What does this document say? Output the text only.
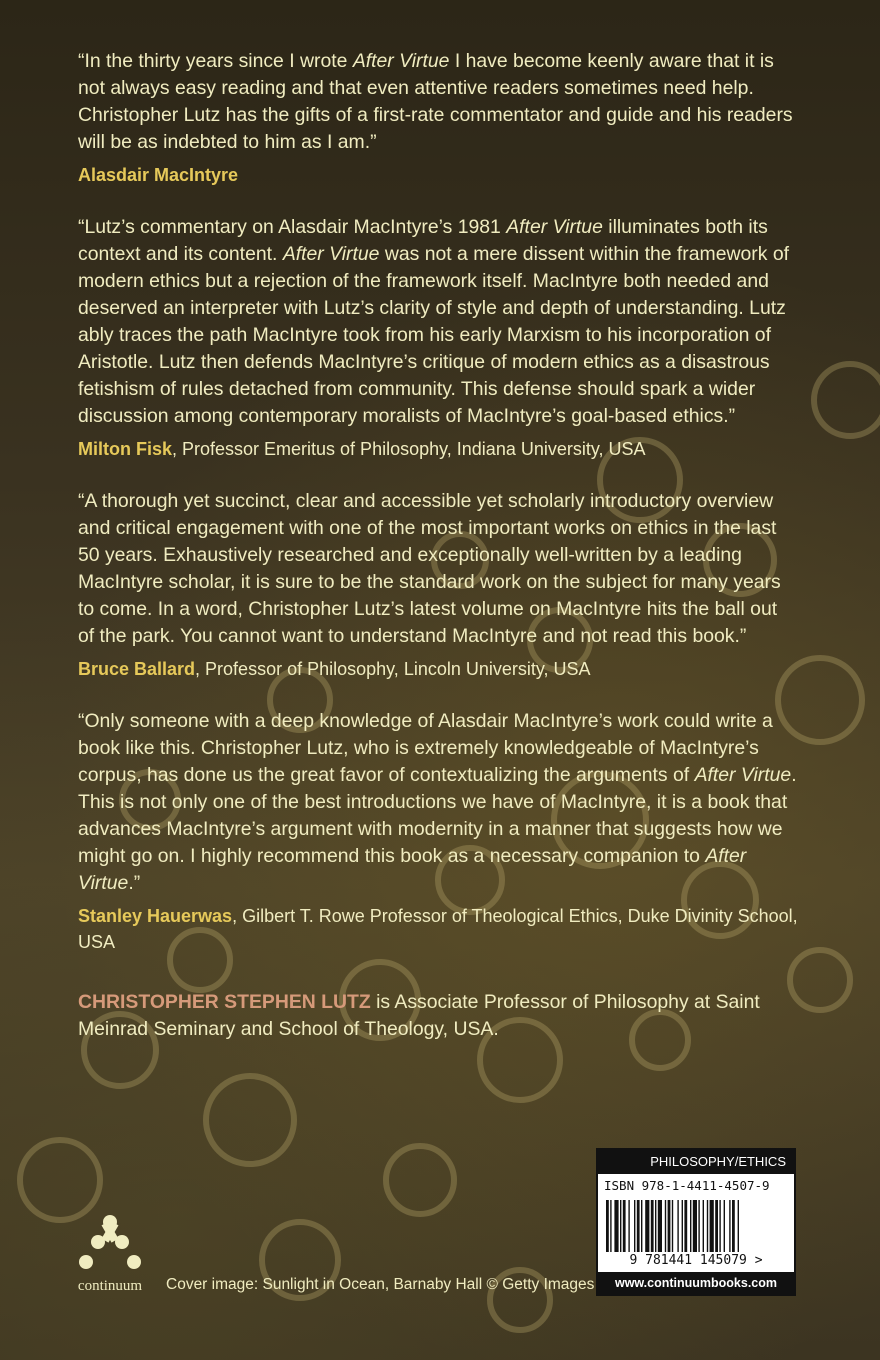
“In the thirty years since I wrote After Virtue I have become keenly aware that it is not always easy reading and that even attentive readers sometimes need help. Christopher Lutz has the gifts of a first-rate commentator and guide and his readers will be as indebted to him as I am.”

Alasdair MacIntyre

“Lutz’s commentary on Alasdair MacIntyre’s 1981 After Virtue illuminates both its context and its content. After Virtue was not a mere dissent within the framework of modern ethics but a rejection of the framework itself. MacIntyre both needed and deserved an interpreter with Lutz’s clarity of style and depth of understanding. Lutz ably traces the path MacIntyre took from his early Marxism to his incorporation of Aristotle. Lutz then defends MacIntyre’s critique of modern ethics as a disastrous fetishism of rules detached from community. This defense should spark a wider discussion among contemporary moralists of MacIntyre’s goal-based ethics.”

Milton Fisk, Professor Emeritus of Philosophy, Indiana University, USA

“A thorough yet succinct, clear and accessible yet scholarly introductory overview and critical engagement with one of the most important works on ethics in the last 50 years. Exhaustively researched and exceptionally well-written by a leading MacIntyre scholar, it is sure to be the standard work on the subject for many years to come. In a word, Christopher Lutz’s latest volume on MacIntyre hits the ball out of the park. You cannot want to understand MacIntyre and not read this book.”

Bruce Ballard, Professor of Philosophy, Lincoln University, USA

“Only someone with a deep knowledge of Alasdair MacIntyre’s work could write a book like this. Christopher Lutz, who is extremely knowledgeable of MacIntyre’s corpus, has done us the great favor of contextualizing the arguments of After Virtue. This is not only one of the best introductions we have of MacIntyre, it is a book that advances MacIntyre’s argument with modernity in a manner that suggests how we might go on. I highly recommend this book as a necessary companion to After Virtue.”

Stanley Hauerwas, Gilbert T. Rowe Professor of Theological Ethics, Duke Divinity School, USA

CHRISTOPHER STEPHEN LUTZ is Associate Professor of Philosophy at Saint Meinrad Seminary and School of Theology, USA.

continuum	Cover image: Sunlight in Ocean, Barnaby Hall © Getty Images
PHILOSOPHY/ETHICS
ISBN 978-1-4411-4507-9
9 781441 145079 >
www.continuumbooks.com
